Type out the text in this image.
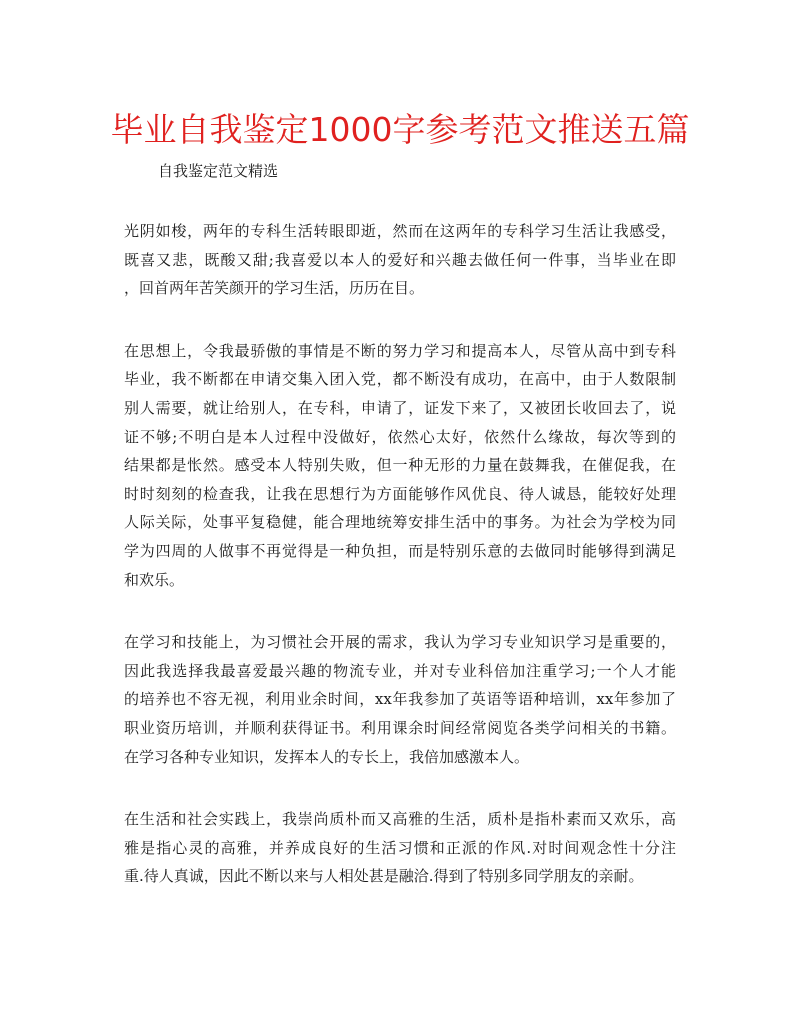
毕业自我鉴定1000字参考范文推送五篇
自我鉴定范文精选
光阴如梭，两年的专科生活转眼即逝，然而在这两年的专科学习生活让我感受，
既喜又悲，既酸又甜;我喜爱以本人的爱好和兴趣去做任何一件事，当毕业在即
，回首两年苦笑颜开的学习生活，历历在目。
在思想上，令我最骄傲的事情是不断的努力学习和提高本人，尽管从高中到专科
毕业，我不断都在申请交集入团入党，都不断没有成功，在高中，由于人数限制
别人需要，就让给别人，在专科，申请了，证发下来了，又被团长收回去了，说
证不够;不明白是本人过程中没做好，依然心太好，依然什么缘故，每次等到的
结果都是怅然。感受本人特别失败，但一种无形的力量在鼓舞我，在催促我，在
时时刻刻的检查我，让我在思想行为方面能够作风优良、待人诚恳，能较好处理
人际关际，处事平复稳健，能合理地统筹安排生活中的事务。为社会为学校为同
学为四周的人做事不再觉得是一种负担，而是特别乐意的去做同时能够得到满足
和欢乐。
在学习和技能上，为习惯社会开展的需求，我认为学习专业知识学习是重要的，
因此我选择我最喜爱最兴趣的物流专业，并对专业科倍加注重学习;一个人才能
的培养也不容无视，利用业余时间，xx年我参加了英语等语种培训，xx年参加了
职业资历培训，并顺利获得证书。利用课余时间经常阅览各类学问相关的书籍。
在学习各种专业知识，发挥本人的专长上，我倍加感激本人。
在生活和社会实践上，我崇尚质朴而又高雅的生活，质朴是指朴素而又欢乐，高
雅是指心灵的高雅，并养成良好的生活习惯和正派的作风.对时间观念性十分注
重.待人真诚，因此不断以来与人相处甚是融洽.得到了特别多同学朋友的亲耐。
